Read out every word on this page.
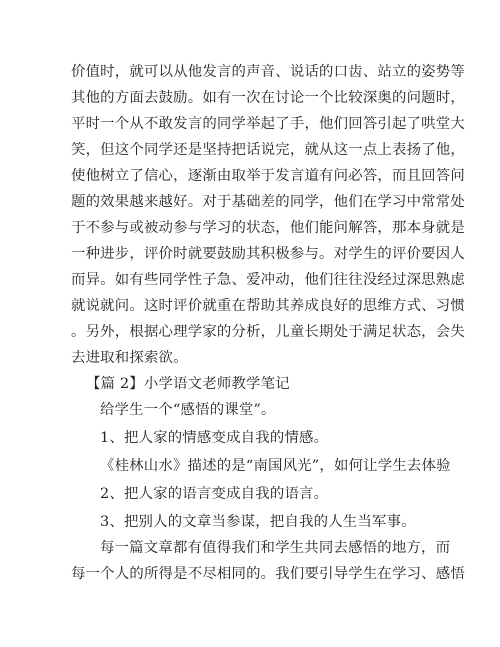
价值时，就可以从他发言的声音、说话的口齿、站立的姿势等
其他的方面去鼓励。如有一次在讨论一个比较深奥的问题时，
平时一个从不敢发言的同学举起了手，他们回答引起了哄堂大
笑，但这个同学还是坚持把话说完，就从这一点上表扬了他，
使他树立了信心，逐渐由取举于发言道有问必答，而且回答问
题的效果越来越好。对于基础差的同学，他们在学习中常常处
于不参与或被动参与学习的状态，他们能问解答，那本身就是
一种进步，评价时就要鼓励其积极参与。对学生的评价要因人
而异。如有些同学性子急、爱冲动，他们往往没经过深思熟虑
就说就问。这时评价就重在帮助其养成良好的思维方式、习惯
。另外，根据心理学家的分析，儿童长期处于满足状态，会失
去进取和探索欲。
【篇 2】小学语文老师教学笔记
给学生一个“感悟的课堂”。
1、把人家的情感变成自我的情感。
《桂林山水》描述的是“南国风光”，如何让学生去体验
2、把人家的语言变成自我的语言。
3、把别人的文章当参谋，把自我的人生当军事。
每一篇文章都有值得我们和学生共同去感悟的地方，而
每一个人的所得是不尽相同的。我们要引导学生在学习、感悟
